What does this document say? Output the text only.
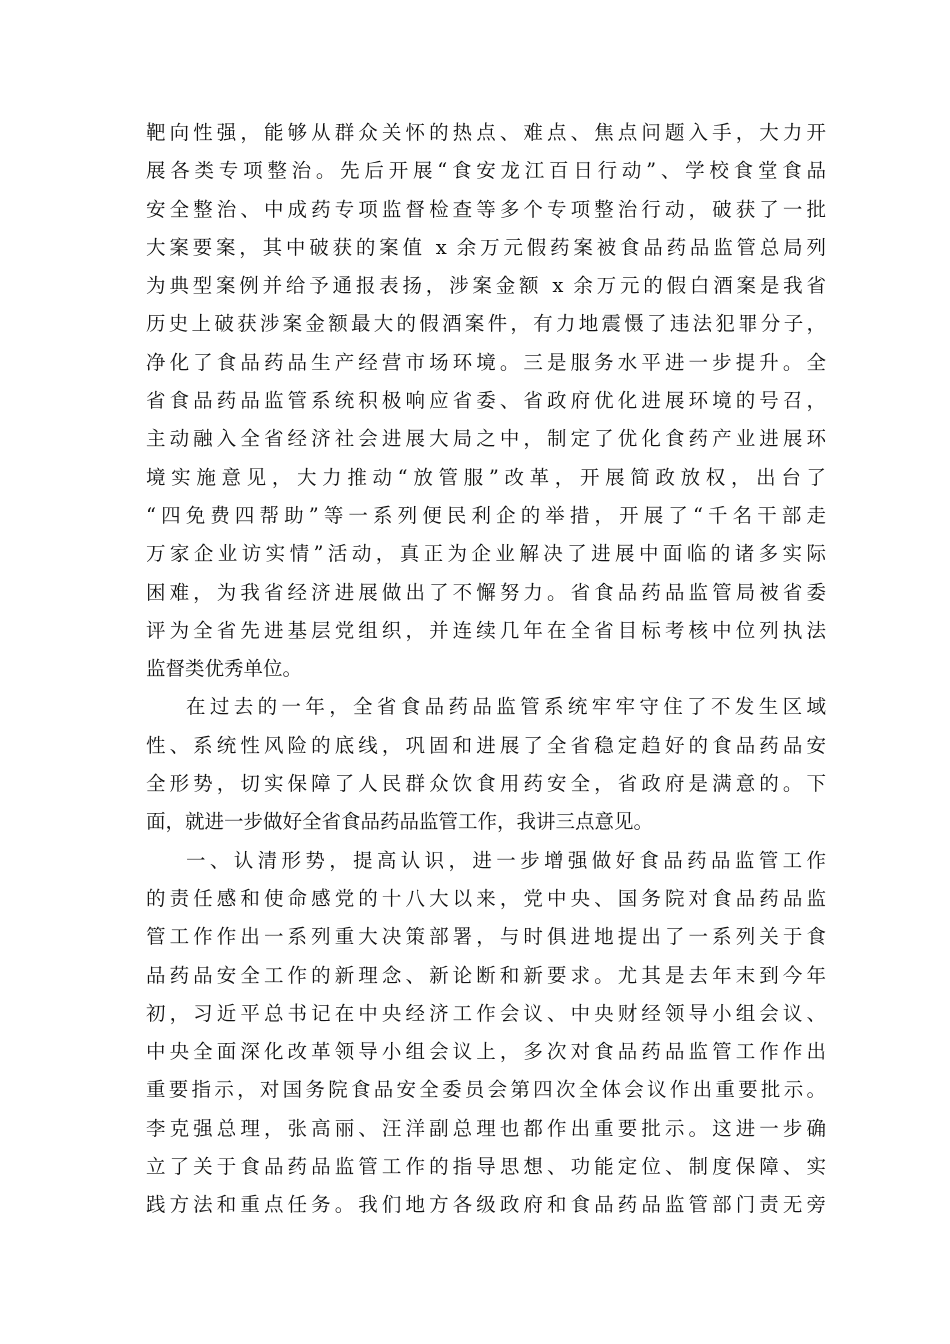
靶向性强，能够从群众关怀的热点、难点、焦点问题入手，大力开
展各类专项整治。先后开展“食安龙江百日行动”、学校食堂食品
安全整治、中成药专项监督检查等多个专项整治行动，破获了一批
大案要案，其中破获的案值 x 余万元假药案被食品药品监管总局列
为典型案例并给予通报表扬，涉案金额 x 余万元的假白酒案是我省
历史上破获涉案金额最大的假酒案件，有力地震慑了违法犯罪分子，
净化了食品药品生产经营市场环境。三是服务水平进一步提升。全
省食品药品监管系统积极响应省委、省政府优化进展环境的号召，
主动融入全省经济社会进展大局之中，制定了优化食药产业进展环
境实施意见，大力推动“放管服”改革，开展简政放权，出台了
“四免费四帮助”等一系列便民利企的举措，开展了“千名干部走
万家企业访实情”活动，真正为企业解决了进展中面临的诸多实际
困难，为我省经济进展做出了不懈努力。省食品药品监管局被省委
评为全省先进基层党组织，并连续几年在全省目标考核中位列执法
监督类优秀单位。
在过去的一年，全省食品药品监管系统牢牢守住了不发生区域
性、系统性风险的底线，巩固和进展了全省稳定趋好的食品药品安
全形势，切实保障了人民群众饮食用药安全，省政府是满意的。下
面，就进一步做好全省食品药品监管工作，我讲三点意见。
一、认清形势，提高认识，进一步增强做好食品药品监管工作
的责任感和使命感党的十八大以来，党中央、国务院对食品药品监
管工作作出一系列重大决策部署，与时俱进地提出了一系列关于食
品药品安全工作的新理念、新论断和新要求。尤其是去年末到今年
初，习近平总书记在中央经济工作会议、中央财经领导小组会议、
中央全面深化改革领导小组会议上，多次对食品药品监管工作作出
重要指示，对国务院食品安全委员会第四次全体会议作出重要批示。
李克强总理，张高丽、汪洋副总理也都作出重要批示。这进一步确
立了关于食品药品监管工作的指导思想、功能定位、制度保障、实
践方法和重点任务。我们地方各级政府和食品药品监管部门责无旁
